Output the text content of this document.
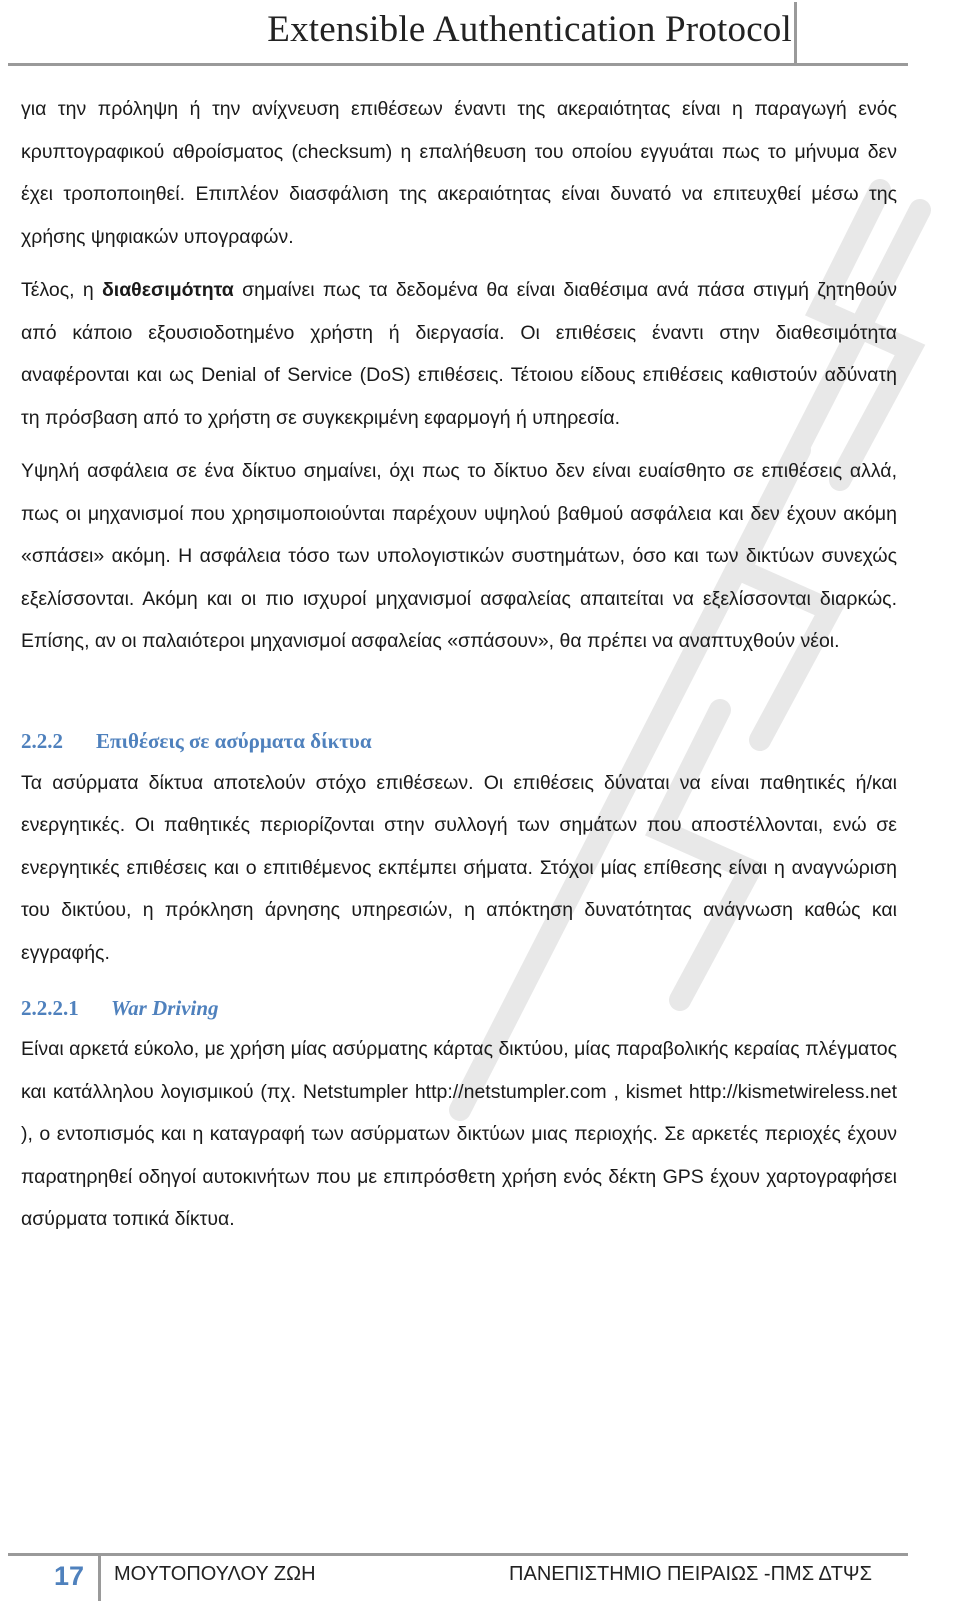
Extensible Authentication Protocol

για την πρόληψη ή την ανίχνευση επιθέσεων έναντι της ακεραιότητας είναι η παραγωγή ενός κρυπτογραφικού αθροίσματος (checksum) η επαλήθευση του οποίου εγγυάται πως το μήνυμα δεν έχει τροποποιηθεί. Επιπλέον διασφάλιση της ακεραιότητας είναι δυνατό να επιτευχθεί μέσω της χρήσης ψηφιακών υπογραφών.

Τέλος, η διαθεσιμότητα σημαίνει πως τα δεδομένα θα είναι διαθέσιμα ανά πάσα στιγμή ζητηθούν από κάποιο εξουσιοδοτημένο χρήστη ή διεργασία. Οι επιθέσεις έναντι στην διαθεσιμότητα αναφέρονται και ως Denial of Service (DoS) επιθέσεις. Τέτοιου είδους επιθέσεις καθιστούν αδύνατη τη πρόσβαση από το χρήστη σε συγκεκριμένη εφαρμογή ή υπηρεσία.

Υψηλή ασφάλεια σε ένα δίκτυο σημαίνει, όχι πως το δίκτυο δεν είναι ευαίσθητο σε επιθέσεις αλλά, πως οι μηχανισμοί που χρησιμοποιούνται παρέχουν υψηλού βαθμού ασφάλεια και δεν έχουν ακόμη «σπάσει» ακόμη. Η ασφάλεια τόσο των υπολογιστικών συστημάτων, όσο και των δικτύων συνεχώς εξελίσσονται. Ακόμη και οι πιο ισχυροί μηχανισμοί ασφαλείας απαιτείται να εξελίσσονται διαρκώς. Επίσης, αν οι παλαιότεροι μηχανισμοί ασφαλείας «σπάσουν», θα πρέπει να αναπτυχθούν νέοι.

2.2.2 Επιθέσεις σε ασύρματα δίκτυα

Τα ασύρματα δίκτυα αποτελούν στόχο επιθέσεων. Οι επιθέσεις δύναται να είναι παθητικές ή/και ενεργητικές. Οι παθητικές περιορίζονται στην συλλογή των σημάτων που αποστέλλονται, ενώ σε ενεργητικές επιθέσεις και ο επιτιθέμενος εκπέμπει σήματα. Στόχοι μίας επίθεσης είναι η αναγνώριση του δικτύου, η πρόκληση άρνησης υπηρεσιών, η απόκτηση δυνατότητας ανάγνωση καθώς και εγγραφής.

2.2.2.1 War Driving

Είναι αρκετά εύκολο, με χρήση μίας ασύρματης κάρτας δικτύου, μίας παραβολικής κεραίας πλέγματος και κατάλληλου λογισμικού (πχ. Netstumpler http://netstumpler.com , kismet http://kismetwireless.net ), ο εντοπισμός και η καταγραφή των ασύρματων δικτύων μιας περιοχής. Σε αρκετές περιοχές έχουν παρατηρηθεί οδηγοί αυτοκινήτων που με επιπρόσθετη χρήση ενός δέκτη GPS έχουν χαρτογραφήσει ασύρματα τοπικά δίκτυα.

17 ΜΟΥΤΟΠΟΥΛΟΥ ΖΩΗ	ΠΑΝΕΠΙΣΤΗΜΙΟ ΠΕΙΡΑΙΩΣ -ΠΜΣ ΔΤΨΣ
